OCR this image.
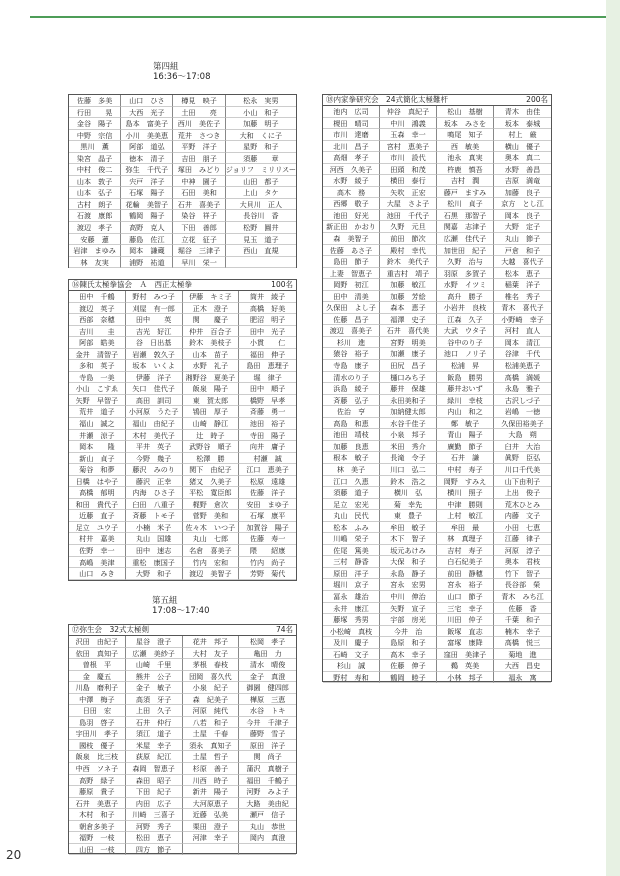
第四組
16:36～17:08
佐藤　多美	山口　ひさ	樽見　映子	松永　実男
行田　　晃	大西　光子	土田　　亮	小山　和子
金谷　陽子	島本　富美子	西川　美佐子	加藤　明子
中野　宗信	小川　美美恵	荒井　さつき	大和　くに子
黒川　薫	阿部　道弘	平野　洋子	星野　和子
染宮　晶子	徳本　清子	吉田　朋子	須藤　　章
中村　俊二	弥生　千代子	塚田　みどり ジョリフ　ミリリスー
山本　敦子	宍戸　洋子	中神　園子	山田　都子
山本　弘子	石塚　陽子	石田　美和	上山　タケ
古村　朗子	花輪　美智子	石井　喜美子	大貝川　正人
石渡　康郎	鶴岡　陽子	染谷　祥子	長谷川　香
渡辺　孝子	高野　克人	下田　善郎	松野　圓井
安藤　蓮	藤島　佐江	立花　征子	見玉　道子
岩津　まゆみ	岡本　謙蔵	堀谷　三津子	西山　直規
林　友実	浦野　祐道	早川　栄一
⑯陳氏太極拳協会　Ａ　西正太極拳	100名
田中　千鶴	野村　みつ子	伊藤　キミ子	筒井　綾子
渡辺　英子	刈屋　有一郎	正木　澄子	高橋　好美
西部　奈穂	田中　　英	関　　慶子	肥沼　明子
吉川　　圭	吉光　好江	仲井　百合子	田中　光子
阿部　皓美	谷　日出基	鈴木　美枝子	小貫　　仁
金井　清智子	岩瀬　敦久子	山本　苗子	福田　伸子
多和　英子	坂本　いくよ	水野　礼子	島田　恵理子
寺島　一美	伊藤　洋子	湘野谷　夏美子	堀　律子
小山　こすゑ	矢口　佳代子	飯泉　陽子	田中　順子
矢野　早智子	高田　訓司	東　賀太郎	橋野　早孝
荒井　道子	小河原　うた子	鴇田　厚子	斉藤　勇一
福山　誠之	福山　由紀子	山崎　静江	池田　裕子
井瀬　涼子	木村　美代子	辻　時子	寺田　陽子
岡本　　隆	平井　英子	武野谷　順子	向井　庸子
新山　貞子	今野　幾子	松澤　勝	村瀬　誠
菊谷　和夢	藤沢　みのり	関下　由紀子	江口　恵美子
日橋　はや子	藤沢　正幸	猪又　久美子	松原　遠雄
高橋　郁明	内海　ひさ子	平松　寛臣郎	佐藤　洋子
和田　貴代子	臼田　八重子	梶野　倉次	安田　まゆ子
近藤　直子	斉藤　トモ子	菅野　美和	石塚　康平
足立　ユウ子	小楠　米子	佐々木　いつ子	加賀谷　陽子
村井　嘉美	丸山　国雄	丸山　七郎	佐藤　寿一
佐野　幸一	田中　速志	名倉　喜美子	隈　　紹康
高嶋　美津	重松　康国子	竹内　宏和	竹内　尚子
山口　みき	大野　和子	渡辺　美智子	芳野　菊代
第五組
17:08～17:40
⑰弥生会　32式太極剣	74名
沢田　由紀子	星谷　澄子	花井　邦子	松岡　孝子
依田　真知子	広瀬　美紗子	大村　友子	亀田　力
曽根　平	山崎　千里	茅根　春枝	清水　晴俊
金　慶五	熊井　公子	団岡　喜久代	金子　真澄
川島　磨利子	金子　敏子	小泉　紀子	御園　健四郎
中澤　梅子	高須　牙子	森　紀美子	樺原　三恵
日田　宏	上田　久子	河原　純代	水谷　トキ
島羽　啓子	石井　仲行	八若　和子	今井　千津子
宇田川　孝子	須江　道子	土屋　千春	藤野　雪子
國枝　優子	米屋　幸子	須永　真知子	原田　洋子
飯泉　比三枝	荻原　紀江	土屋　哲子	関　尚子
中西　ソネ子	森岡　智恵子	杉原　善子	蒲沢　真樹子
高野　緑子	森田　昭子	川西　時子	福田　千鶴子
藤原　貴子	下田　紀子	新井　陽子	河野　みよ子
石井　美恵子	内田　広子	大河原恵子	大路　美由紀
木村　和子	川崎　三喜子	近藤　弘美	瀬戸　信子
朝倉多美子	河野　秀子	栗田　澄子	丸山　恭世
福野　一枝	松田　恵子	河津　幸子	岡内　真澄
山田　一枝	四方　節子
⑱内家拳研究会　24式簡化太極難杆	200名
池内　広司	仲谷　真紀子	松山　基樹	青木　由佳
榎田　晴司	中川　鴻義	坂本　みさを	坂本　泰城
市川　達磨	玉森　幸一	鳴尾　知子	村上　厳
北川　昌子	宮村　恵美子	西　敏美	横山　優子
高畑　孝子	市川　設代	池永　真実	奥本　真二
河西　久美子	田頭　和茂	杵鹿　慎吾	水野　善昌
水野　綾子	横田　泰行	吉村　潤	吉原　満竜
高木　務	矢吹　正宏	藤戸　ますみ	加藤　良子
西郷　敬子	大屋　さよ子	松川　貞子	京方　とし江
池田　好光	池田　千代子	石黒　那智子	岡本　良子
新正田　かおり	久野　元旦	関嘉　志津子	大野　定子
森　美智子	前田　節次	広瀬　佳代子	丸山　節子
佐藤　あさ子	殿村　幸代	加世田　紀子	戸倉　和子
島田　節子	鈴木　美代子	久野　治与	大越　喜代子
上妻　智恵子	重吉村　靖子	羽原　多賀子	松本　恵子
岡野　初江	加藤　敏江	水野　イツミ	稲葉　洋子
田中　清美	加藤　芳絵	高升　勝子	椎名　秀子
久保田　よし子	森本　恵子	小岩井　良枝	青木　喜代子
佐藤　昌子	福澤　史子	江森　久子	小野崎　幸子
渡辺　喜美子	石井　喜代美	大武　ウタ子	河村　直人
杉川　進	宮野　明美	谷中のり子	岡本　清江
猿谷　裕子	加瀬　康子	池口　ノリ子	谷津　千代
寺島　康子	田尻　昌子	松浦　昇	松浦美恵子
清水のり子	樋口みち子	飯島　勝男	高橋　満媛
浜島　綾子	藤井　保雄	藤井おいず	永島　雅子
斉藤　弘子	永田美和子	緑川　幸枝	古沢しづ子
佐治　亨	加納健太郎	内山　和之	岩嶋　一徳
高島　和恵	水谷千佳子	鄭　敏子	久保田裕美子
池田　靖枝	小泉　邦子	青山　陽子	大島　朔
加藤　良恵	米田　秀介	廣勤　節子	臼井　大治
根本　敏子	長滝　令子	石井　謙	眞野　臣弘
林　美子	川口　弘二	中村　寿子	川口千代美
江口　久恵	鈴木　浩之	岡野　すみえ	山下由利子
須藤　道子	横川　弘	横川　照子	上出　俊子
足立　宏光	菊　幸先	中津　勝則	荒木ひとみ
丸山　民代	東　豊子	上村　敏江	内藤　文子
松本　ふみ	牟田　敏子	牟田　最	小田　七恵
川嶋　栄子	木下　智子	林　真理子	江藤　律子
佐尾　篤美	坂元あけみ	吉村　寿子	河原　淳子
三村　静香	大保　和子	白石紀美子	奥本　君枝
原田　洋子	永島　静子	前田　静穂	竹下　智子
堀川　京子	宮永　宏男	宮永　裕子	長谷部　榮
冨永　雄治	中川　伸治	山口　節子	青木　みち江
永井　康江	矢野　宣子	三宅　幸子	佐藤　香
藤塚　秀男	宇部　房光	川田　仲子	千葉　和子
小松崎　真枝	今井　治	飯塚　直志	楠木　幸子
及川　慶子	島原　和子	富塚　康降	高橋　悦三
石崎　文子	高木　幸子	窪田　美津子	菊地　進
杉山　誠	佐藤　伸子	鵜　英美	大西　昌史
野村　寿和	鶴岡　睦子	小林　邦子	福永　寓
20
